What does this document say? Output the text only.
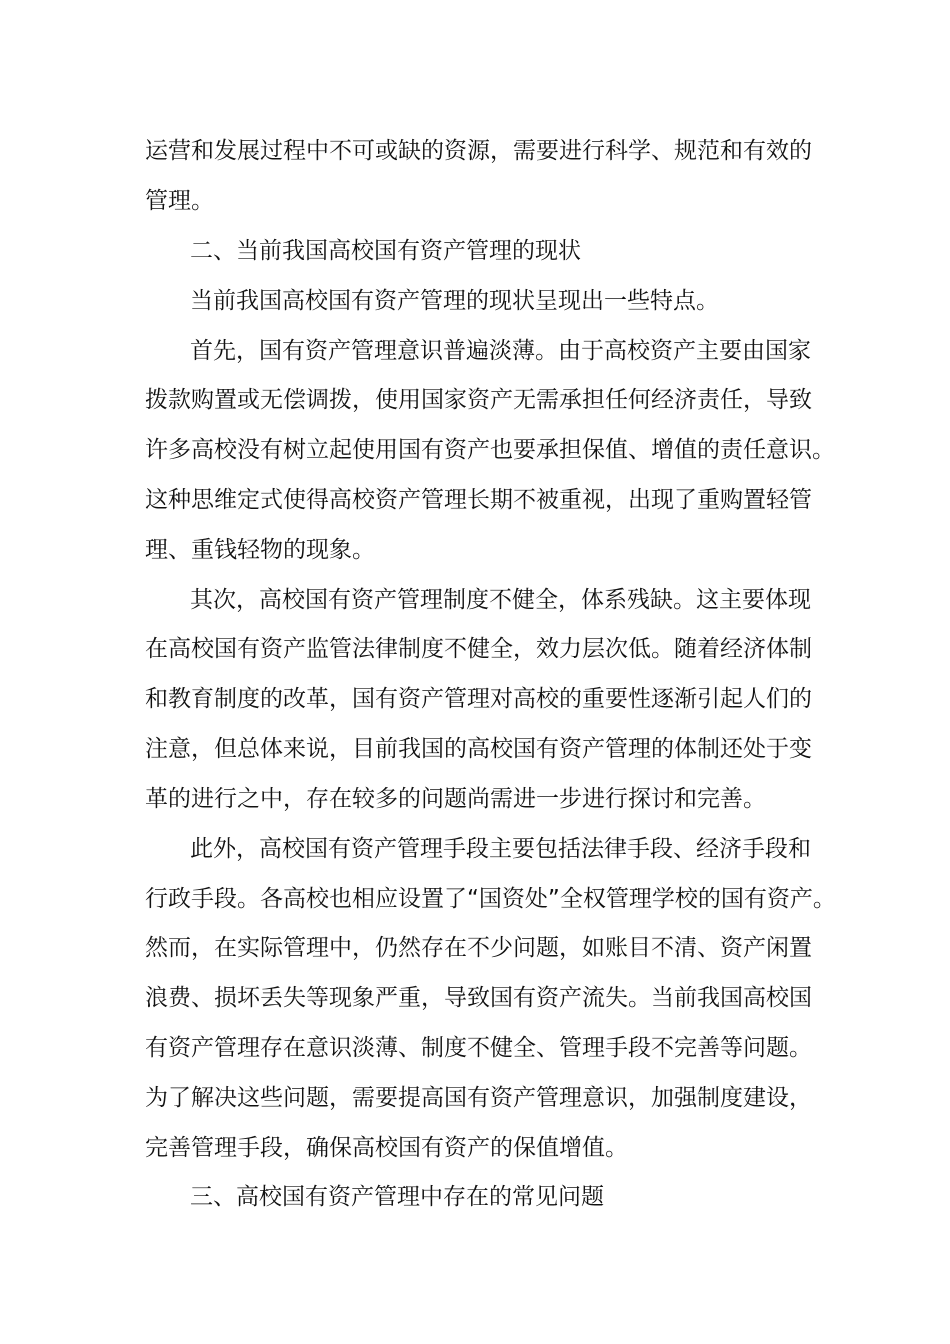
运营和发展过程中不可或缺的资源，需要进行科学、规范和有效的

管理。

二、当前我国高校国有资产管理的现状

当前我国高校国有资产管理的现状呈现出一些特点。

首先，国有资产管理意识普遍淡薄。由于高校资产主要由国家

拨款购置或无偿调拨，使用国家资产无需承担任何经济责任，导致

许多高校没有树立起使用国有资产也要承担保值、增值的责任意识。

这种思维定式使得高校资产管理长期不被重视，出现了重购置轻管

理、重钱轻物的现象。

其次，高校国有资产管理制度不健全，体系残缺。这主要体现

在高校国有资产监管法律制度不健全，效力层次低。随着经济体制

和教育制度的改革，国有资产管理对高校的重要性逐渐引起人们的

注意，但总体来说，目前我国的高校国有资产管理的体制还处于变

革的进行之中，存在较多的问题尚需进一步进行探讨和完善。

此外，高校国有资产管理手段主要包括法律手段、经济手段和

行政手段。各高校也相应设置了“国资处”全权管理学校的国有资产。

然而，在实际管理中，仍然存在不少问题，如账目不清、资产闲置

浪费、损坏丢失等现象严重，导致国有资产流失。当前我国高校国

有资产管理存在意识淡薄、制度不健全、管理手段不完善等问题。

为了解决这些问题，需要提高国有资产管理意识，加强制度建设，

完善管理手段，确保高校国有资产的保值增值。

三、高校国有资产管理中存在的常见问题
